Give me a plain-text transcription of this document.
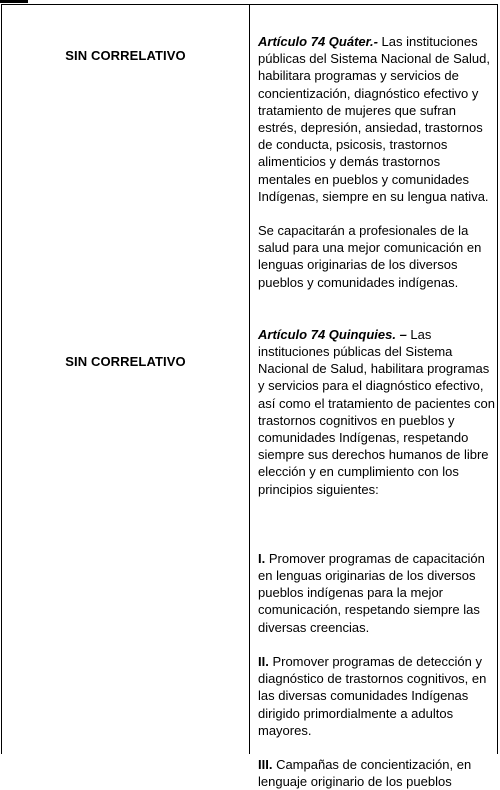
SIN CORRELATIVO
SIN CORRELATIVO

Artículo 74 Quáter.- Las instituciones públicas del Sistema Nacional de Salud, habilitara programas y servicios de concientización, diagnóstico efectivo y tratamiento de mujeres que sufran estrés, depresión, ansiedad, trastornos de conducta, psicosis, trastornos alimenticios y demás trastornos mentales en pueblos y comunidades Indígenas, siempre en su lengua nativa.

Se capacitarán a profesionales de la salud para una mejor comunicación en lenguas originarias de los diversos pueblos y comunidades indígenas.

Artículo 74 Quinquies. – Las instituciones públicas del Sistema Nacional de Salud, habilitara programas y servicios para el diagnóstico efectivo, así como el tratamiento de pacientes con trastornos cognitivos en pueblos y comunidades Indígenas, respetando siempre sus derechos humanos de libre elección y en cumplimiento con los principios siguientes:

I. Promover programas de capacitación en lenguas originarias de los diversos pueblos indígenas para la mejor comunicación, respetando siempre las diversas creencias.

II. Promover programas de detección y diagnóstico de trastornos cognitivos, en las diversas comunidades Indígenas dirigido primordialmente a adultos mayores.

III. Campañas de concientización, en lenguaje originario de los pueblos
